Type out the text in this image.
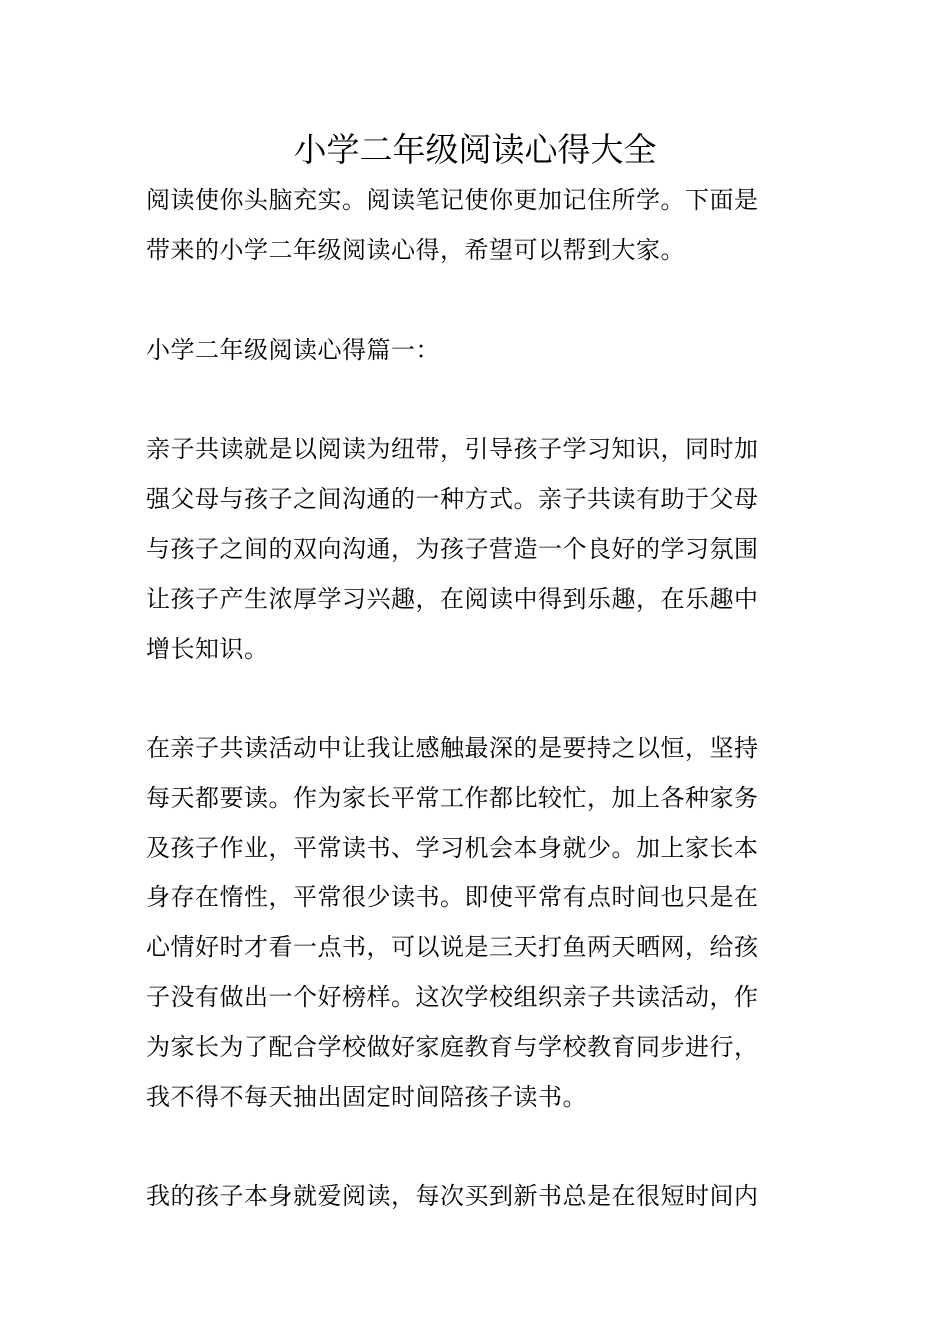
小学二年级阅读心得大全
阅读使你头脑充实。阅读笔记使你更加记住所学。下面是
带来的小学二年级阅读心得，希望可以帮到大家。
小学二年级阅读心得篇一：
亲子共读就是以阅读为纽带，引导孩子学习知识，同时加
强父母与孩子之间沟通的一种方式。亲子共读有助于父母
与孩子之间的双向沟通，为孩子营造一个良好的学习氛围
让孩子产生浓厚学习兴趣，在阅读中得到乐趣，在乐趣中
增长知识。
在亲子共读活动中让我让感触最深的是要持之以恒，坚持
每天都要读。作为家长平常工作都比较忙，加上各种家务
及孩子作业，平常读书、学习机会本身就少。加上家长本
身存在惰性，平常很少读书。即使平常有点时间也只是在
心情好时才看一点书，可以说是三天打鱼两天晒网，给孩
子没有做出一个好榜样。这次学校组织亲子共读活动，作
为家长为了配合学校做好家庭教育与学校教育同步进行，
我不得不每天抽出固定时间陪孩子读书。
我的孩子本身就爱阅读，每次买到新书总是在很短时间内
